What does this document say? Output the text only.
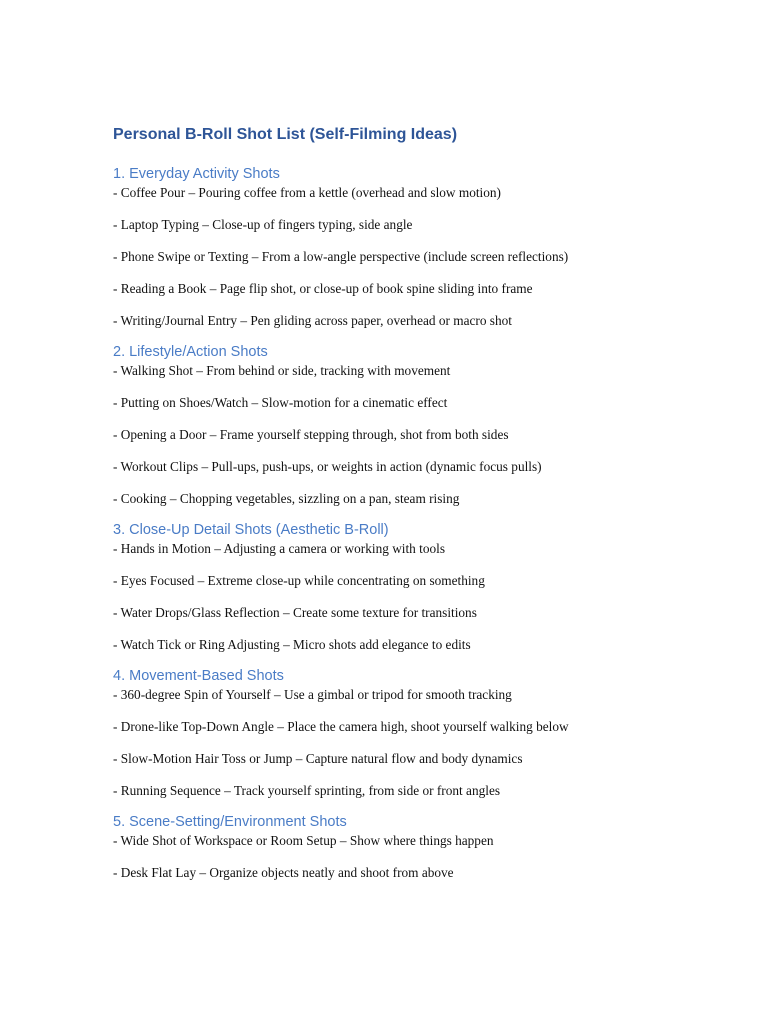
Personal B-Roll Shot List (Self-Filming Ideas)
1. Everyday Activity Shots

- Coffee Pour – Pouring coffee from a kettle (overhead and slow motion)

- Laptop Typing – Close-up of fingers typing, side angle

- Phone Swipe or Texting – From a low-angle perspective (include screen reflections)

- Reading a Book – Page flip shot, or close-up of book spine sliding into frame

- Writing/Journal Entry – Pen gliding across paper, overhead or macro shot

2. Lifestyle/Action Shots

- Walking Shot – From behind or side, tracking with movement

- Putting on Shoes/Watch – Slow-motion for a cinematic effect

- Opening a Door – Frame yourself stepping through, shot from both sides

- Workout Clips – Pull-ups, push-ups, or weights in action (dynamic focus pulls)

- Cooking – Chopping vegetables, sizzling on a pan, steam rising

3. Close-Up Detail Shots (Aesthetic B-Roll)

- Hands in Motion – Adjusting a camera or working with tools

- Eyes Focused – Extreme close-up while concentrating on something

- Water Drops/Glass Reflection – Create some texture for transitions

- Watch Tick or Ring Adjusting – Micro shots add elegance to edits

4. Movement-Based Shots

- 360-degree Spin of Yourself – Use a gimbal or tripod for smooth tracking

- Drone-like Top-Down Angle – Place the camera high, shoot yourself walking below

- Slow-Motion Hair Toss or Jump – Capture natural flow and body dynamics

- Running Sequence – Track yourself sprinting, from side or front angles

5. Scene-Setting/Environment Shots

- Wide Shot of Workspace or Room Setup – Show where things happen

- Desk Flat Lay – Organize objects neatly and shoot from above
